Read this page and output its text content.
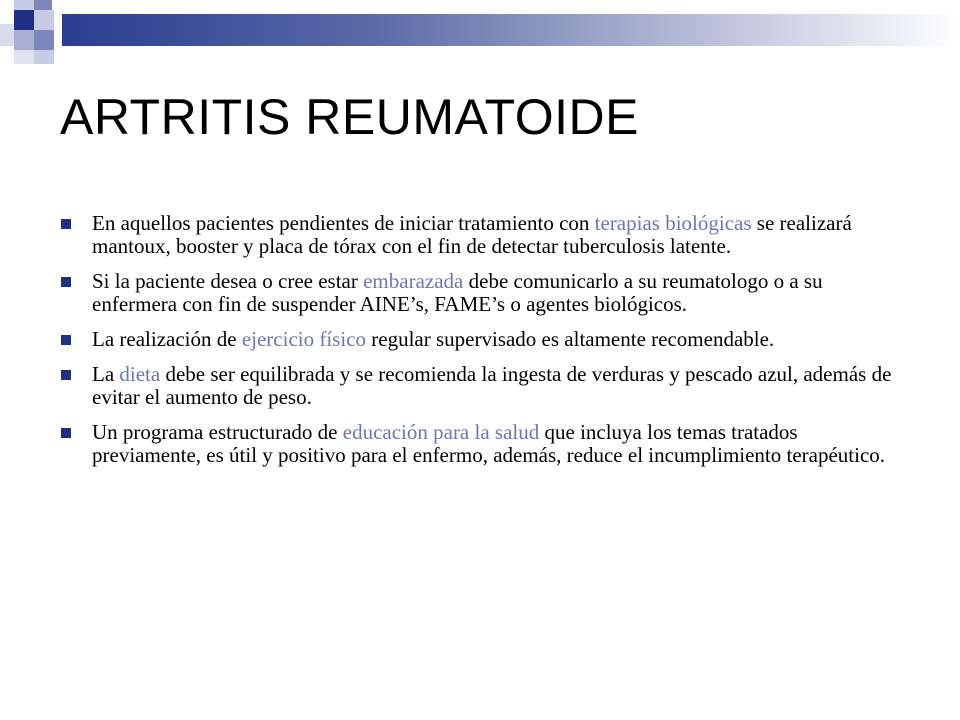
ARTRITIS REUMATOIDE
En aquellos pacientes pendientes de iniciar tratamiento con terapias biológicas se realizará mantoux, booster y placa de tórax con el fin de detectar tuberculosis latente.
Si la paciente desea o cree estar embarazada debe comunicarlo a su reumatologo o a su enfermera con fin de suspender AINE’s, FAME’s o agentes biológicos.
La realización de ejercicio físico regular supervisado es altamente recomendable.
La dieta debe ser equilibrada y se recomienda la ingesta de verduras y pescado azul, además de evitar el aumento de peso.
Un programa estructurado de educación para la salud que incluya los temas tratados previamente, es útil y positivo para el enfermo, además, reduce el incumplimiento terapéutico.
